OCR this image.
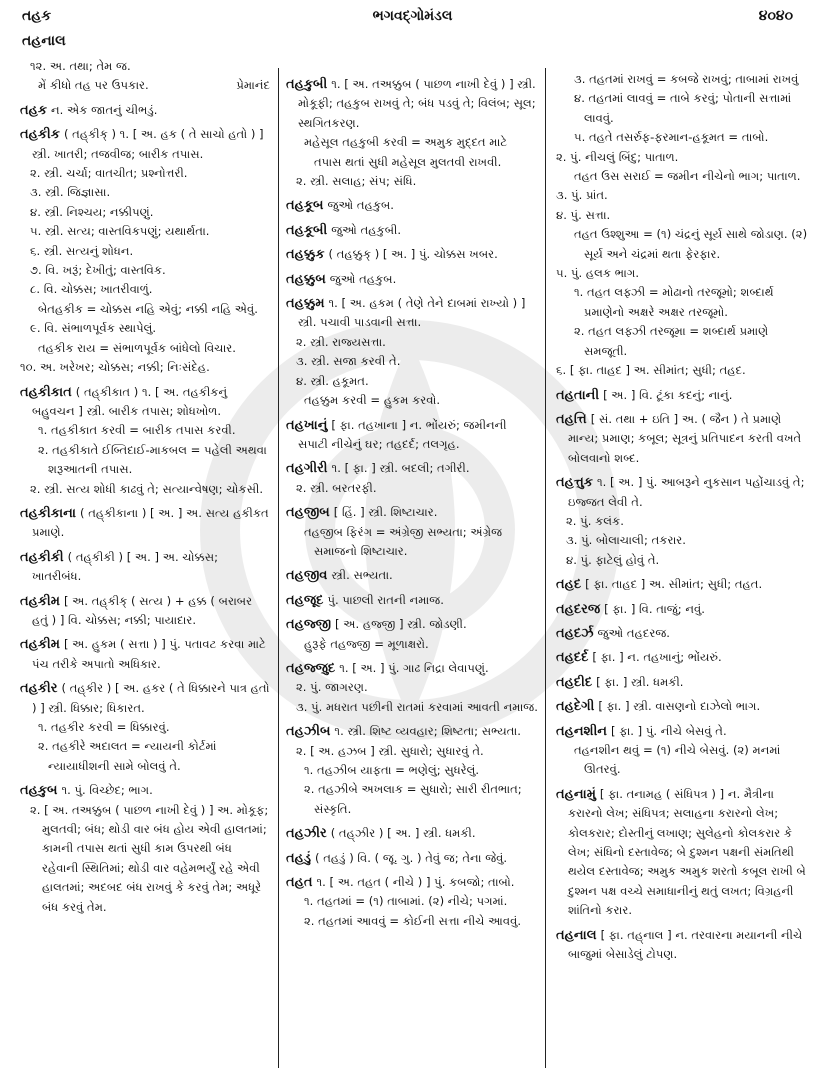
તહક
તહનાલ
ભગવદ્ગોમંડલ	૪૦૪૦

૧૨. અ. તથા; તેમ જ.

પ્રેમાનંદ
મેં કીધો તહ પર ઉપકાર.

તહક ન. એક જાતનું ચીભડું.

તહકીક ( તહ્‌કીક્ ) ૧. [ અ. હક ( તે સાચો હતો ) ] સ્ત્રી. ખાતરી; તજવીજ; બારીક તપાસ.

૨. સ્ત્રી. ચર્ચા; વાતચીત; પ્રશ્નોત્તરી.

૩. સ્ત્રી. જિજ્ઞાસા.

૪. સ્ત્રી. નિશ્ચય; નક્કીપણું.

૫. સ્ત્રી. સત્ય; વાસ્તવિકપણું; યથાર્થતા.

૬. સ્ત્રી. સત્યનું શોધન.

૭. વિ. ખરૂં; દેખીતું; વાસ્તવિક.

૮. વિ. ચોક્કસ; ખાતરીવાળું.

બેતહકીક = ચોક્કસ નહિ એવું; નક્કી નહિ એવું.

૯. વિ. સંભાળપૂર્વક સ્થાપેલું.

તહકીક રાય = સંભાળપૂર્વક બાંધેલો વિચાર.

૧૦. અ. ખરેખર; ચોક્કસ; નક્કી; નિઃસંદેહ.

તહકીકાત ( તહ્‌કીકાત ) ૧. [ અ. તહકીકનું બહુવચન ] સ્ત્રી. બારીક તપાસ; શોધખોળ.

૧. તહકીકાત કરવી = બારીક તપાસ કરવી.

૨. તહકીકાતે ઈબ્તિદાઈ-માકબલ = પહેલી અથવા શરૂઆતની તપાસ.

૨. સ્ત્રી. સત્ય શોધી કાઢવું તે; સત્યાન્વેષણ; ચોકસી.

તહકીકાના ( તહ્‌કીકાના ) [ અ. ] અ. સત્ય હકીકત પ્રમાણે.

તહકીકી ( તહ્‌કીકી ) [ અ. ] અ. ચોક્કસ; ખાતરીબંધ.

તહકીમ [ અ. તહ્‌કીક્ ( સત્ય ) + હક્ક ( બરાબર હતું ) ] વિ. ચોક્કસ; નક્કી; પાયાદાર.

તહકીમ [ અ. હુકમ ( સત્તા ) ] પું. પતાવટ કરવા માટે પંચ તરીકે અપાતો અધિકાર.

તહકીર ( તહ્‌કીર ) [ અ. હકર ( તે ધિક્કારને પાત્ર હતો ) ] સ્ત્રી. ધિક્કાર; ધિકારત.

૧. તહકીર કરવી = ધિક્કારવું.

૨. તહકીરે અદાલત = ન્યાયની કોર્ટમાં ન્યાયાધીશની સામે બોલવું તે.

તહકુબ ૧. પું. વિચ્છેદ; ભાગ.

૨. [ અ. તઅક્કુબ ( પાછળ નાખી દેવું ) ] અ. મોકૂફ; મુલતવી; બંધ; થોડી વાર બંધ હોય એવી હાલતમાં; કામની તપાસ થતાં સુધી કામ ઉપરથી બંધ રહેવાની સ્થિતિમાં; થોડી વાર વહેમભર્યું રહે એવી હાલતમાં; અદબદ બંધ રાખવું કે કરવું તેમ; અધૂરે બંધ કરવું તેમ.

તહકુબી ૧. [ અ. તઅક્કુબ ( પાછળ નાખી દેવું ) ] સ્ત્રી. મોકૂફી; તહકુબ રાખવું તે; બંધ પડવું તે; વિલંબ; સૂલ; સ્થગિતકરણ.

મહેસૂલ તહકુબી કરવી = અમુક મુદ્દત માટે તપાસ થતાં સુધી મહેસૂલ મુલતવી રાખવી.

૨. સ્ત્રી. સલાહ; સંપ; સંધિ.

તહકૂબ જુઓ તહકુબ.

તહકૂબી જુઓ તહકુબી.

તહક્કુક ( તહક્કુક્ ) [ અ. ] પું. ચોક્કસ ખબર.

તહક્કુબ જુઓ તહકુબ.

તહક્કુમ ૧. [ અ. હકમ ( તેણે તેને દાબમાં રાખ્યો ) ] સ્ત્રી. પચાવી પાડવાની સત્તા.

૨. સ્ત્રી. રાજ્યસત્તા.

૩. સ્ત્રી. સજા કરવી તે.

૪. સ્ત્રી. હકૂમત.

તહક્કુમ કરવી = હુકમ કરવો.

તહખાનું [ ફા. તહખાના ] ન. ભોંયરું; જમીનની સપાટી નીચેનું ઘર; તહદર્દ; તલગૃહ.

તહગીરી ૧. [ ફા. ] સ્ત્રી. બદલી; તગીરી.

૨. સ્ત્રી. બરતરફી.

તહજીબ [ હિં. ] સ્ત્રી. શિષ્ટાચાર.

તહજીબ ફિરંગ = અંગ્રેજી સભ્યતા; અંગ્રેજ સમાજનો શિષ્ટાચાર.

તહજીવ સ્ત્રી. સભ્યતા.

તહજૂદ પું. પાછલી રાતની નમાજ.

તહજ્જી [ અ. હજ્જી ] સ્ત્રી. જોડણી.

હુરૂફે તહજ્જી = મૂળાક્ષરો.

તહજ્જુદ ૧. [ અ. ] પું. ગાઢ નિદ્રા લેવાપણું.

૨. પું. જાગરણ.

૩. પું. મધરાત પછીની રાતમાં કરવામાં આવતી નમાજ.

તહઝીબ ૧. સ્ત્રી. શિષ્ટ વ્યવહાર; શિષ્ટતા; સભ્યતા.

૨. [ અ. હઝબ ] સ્ત્રી. સુધારો; સુધારવું તે.

૧. તહઝીબ યાફતા = ભણેલું; સુધરેલું.

૨. તહઝીબે અખલાક = સુધારો; સારી રીતભાત; સંસ્કૃતિ.

તહઝીર ( તહ્‌ઝીર ) [ અ. ] સ્ત્રી. ધમકી.

તહડું ( તહડું ) વિ. ( જૂ. ગુ. ) તેવું જ; તેના જેવું.

તહત ૧. [ અ. તહત ( નીચે ) ] પું. કબજો; તાબો.

૧. તહતમાં = (૧) તાબામાં. (૨) નીચે; પગમાં.

૨. તહતમાં આવવું = કોઈની સત્તા નીચે આવવું.

૩. તહતમાં રાખવું = કબજે રાખવું; તાબામાં રાખવું

૪. તહતમાં લાવવું = તાબે કરવું; પોતાની સત્તામાં લાવવું.

૫. તહતે તસર્રુફ-ફરમાન-હકૂમત = તાબો.

૨. પું. નીચલું બિંદુ; પાતાળ.

તહત ઉસ સરાઈ = જમીન નીચેનો ભાગ; પાતાળ.

૩. પું. પ્રાંત.

૪. પું. સત્તા.

તહત ઉશ્શુઆ = (૧) ચંદ્રનું સૂર્ય સાથે જોડાણ. (૨) સૂર્ય અને ચંદ્રમાં થતા ફેરફાર.

૫. પું. હલક ભાગ.

૧. તહત લફ્ઝી = મોઢાનો તરજૂમો; શબ્દાર્થ પ્રમાણેનો અક્ષરે અક્ષર તરજૂમો.

૨. તહત લફ્ઝી તરજૂમા = શબ્દાર્થ પ્રમાણે સમજૂતી.

૬. [ ફા. તાહદ ] અ. સીમાંત; સુધી; તહદ.

તહતાની [ અ. ] વિ. ટૂંકા કદનું; નાનું.

તહત્તિ [ સં. તથા + ઇતિ ] અ. ( જૈન ) તે પ્રમાણે માન્ય; પ્રમાણ; કબૂલ; સૂત્રનું પ્રતિપાદન કરતી વખતે બોલવાનો શબ્દ.

તહત્તુક ૧. [ અ. ] પું. આબરૂને નુકસાન પહોંચાડવું તે; ઇજ્જત લેવી તે.

૨. પું. કલંક.

૩. પું. બોલાચાલી; તકરાર.

૪. પું. ફાટેલું હોવું તે.

તહદ [ ફા. તાહદ ] અ. સીમાંત; સુધી; તહત.

તહદરજ [ ફા. ] વિ. તાજું; નવું.

તહદર્ઝ જુઓ તહદરજ.

તહદર્દ [ ફા. ] ન. તહખાનું; ભોંયરું.

તહદીદ [ ફા. ] સ્ત્રી. ધમકી.

તહદેગી [ ફા. ] સ્ત્રી. વાસણનો દાઝેલો ભાગ.

તહનશીન [ ફા. ] પું. નીચે બેસવું તે.

તહનશીન થવું = (૧) નીચે બેસવું. (૨) મનમાં ઊતરવું.

તહનામું [ ફા. તનામહ ( સંધિપત્ર ) ] ન. મૈત્રીના કરારનો લેખ; સંધિપત્ર; સલાહના કરારનો લેખ; કોલકરાર; દોસ્તીનું લખાણ; સુલેહનો કોલકરાર કે લેખ; સંધિનો દસ્તાવેજ; બે દુશ્મન પક્ષની સંમતિથી થયેલ દસ્તાવેજ; અમુક અમુક શરતો કબૂલ રાખી બે દુશ્મન પક્ષ વચ્ચે સમાધાનીનું થતું લખત; વિગ્રહની શાંતિનો કરાર.

તહનાલ [ ફા. તહ્‌નાલ ] ન. તરવારના મયાનની નીચે બાજુમાં બેસાડેલું ટોપણ.
